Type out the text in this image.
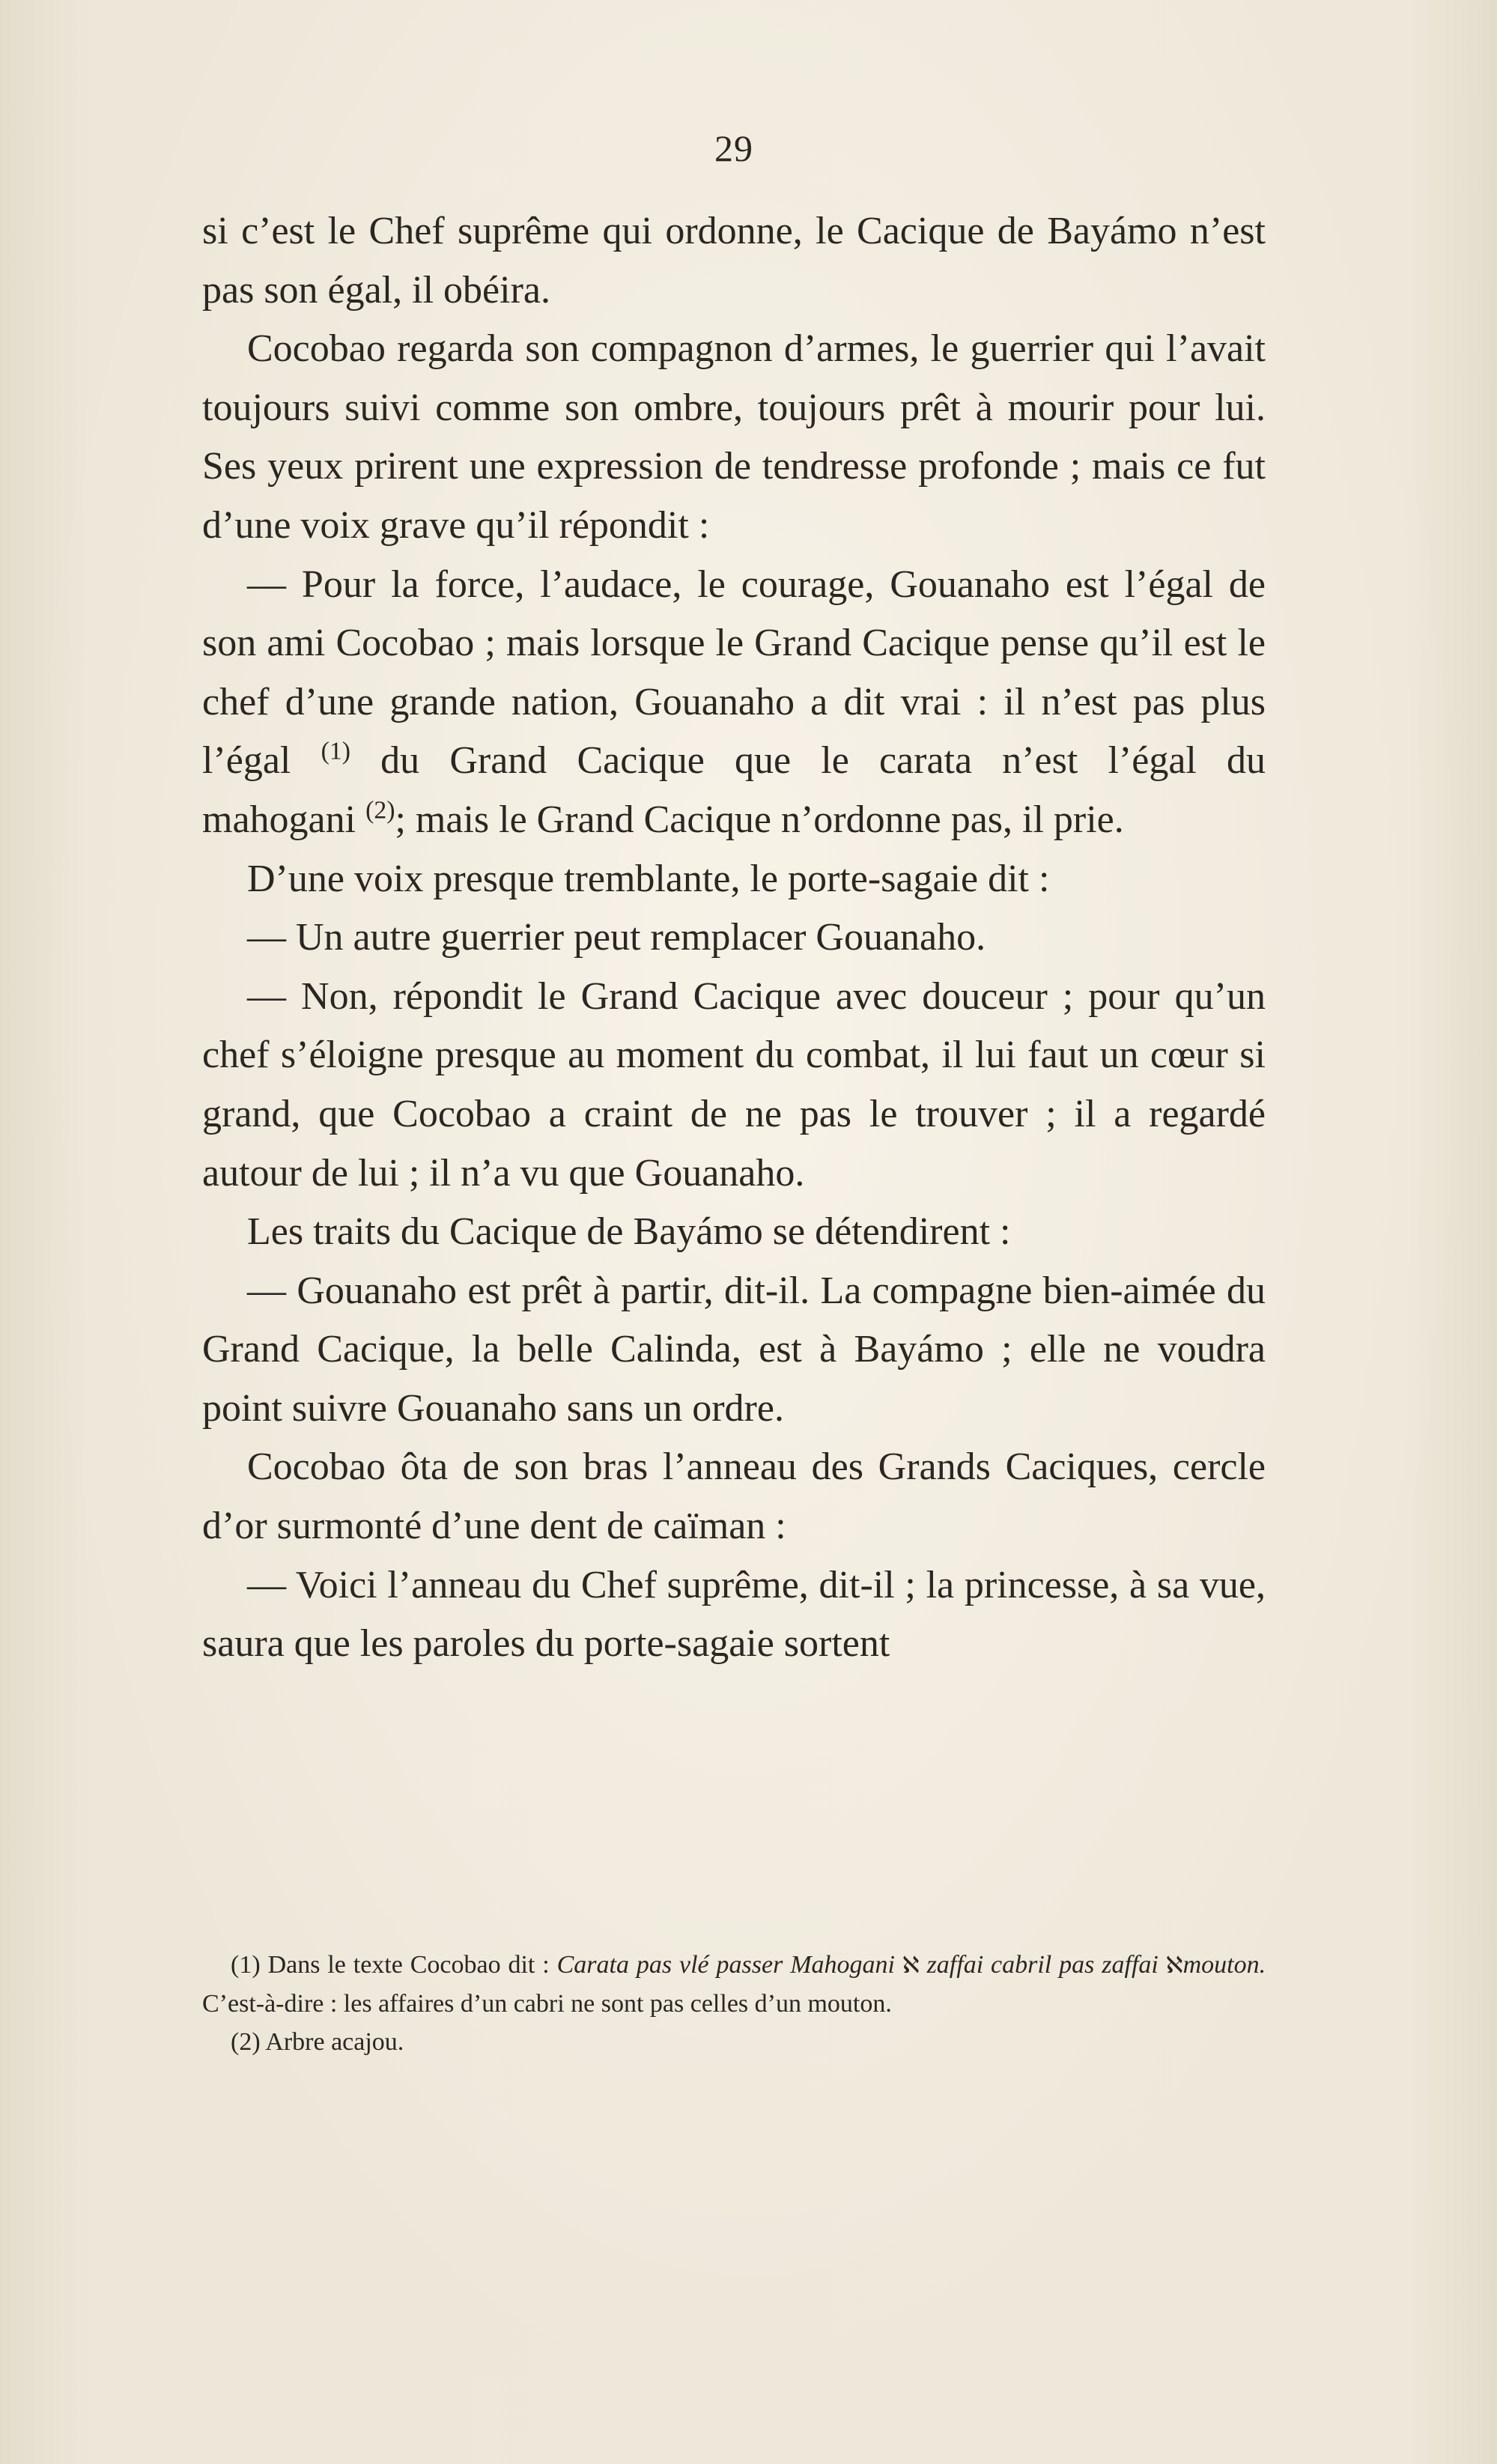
29

si c’est le Chef suprême qui ordonne, le Cacique de Bayámo n’est pas son égal, il obéira.

Cocobao regarda son compagnon d’armes, le guerrier qui l’avait toujours suivi comme son ombre, toujours prêt à mourir pour lui. Ses yeux prirent une expression de tendresse profonde ; mais ce fut d’une voix grave qu’il répondit :

— Pour la force, l’audace, le courage, Gouanaho est l’égal de son ami Cocobao ; mais lorsque le Grand Cacique pense qu’il est le chef d’une grande nation, Gouanaho a dit vrai : il n’est pas plus l’égal $^{(1)}$ du Grand Cacique que le carata n’est l’égal du mahogani $^{(2)}$; mais le Grand Cacique n’ordonne pas, il prie.

D’une voix presque tremblante, le porte-sagaie dit :

— Un autre guerrier peut remplacer Gouanaho.

— Non, répondit le Grand Cacique avec douceur ; pour qu’un chef s’éloigne presque au moment du combat, il lui faut un cœur si grand, que Cocobao a craint de ne pas le trouver ; il a regardé autour de lui ; il n’a vu que Gouanaho.

Les traits du Cacique de Bayámo se détendirent :

— Gouanaho est prêt à partir, dit-il. La compagne bien-aimée du Grand Cacique, la belle Calinda, est à Bayámo ; elle ne voudra point suivre Gouanaho sans un ordre.

Cocobao ôta de son bras l’anneau des Grands Caciques, cercle d’or surmonté d’une dent de caïman :

— Voici l’anneau du Chef suprême, dit-il ; la princesse, à sa vue, saura que les paroles du porte-sagaie sortent

(1) Dans le texte Cocobao dit : Carata pas vlé passer Mahogani ℵ zaffai cabril pas zaffai ℵmouton. C’est-à-dire : les affaires d’un cabri ne sont pas celles d’un mouton.

(2) Arbre acajou.
